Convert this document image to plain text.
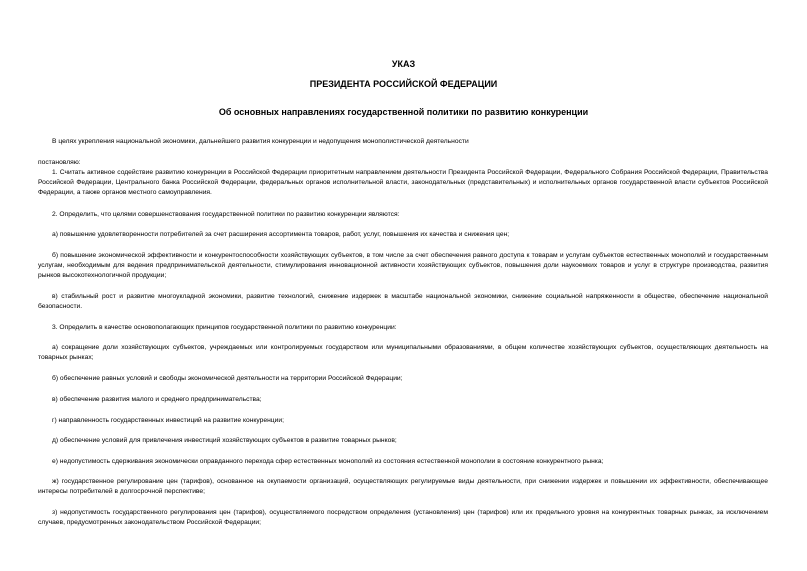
УКАЗ
ПРЕЗИДЕНТА РОССИЙСКОЙ ФЕДЕРАЦИИ
Об основных направлениях государственной политики по развитию конкуренции

В целях укрепления национальной экономики, дальнейшего развития конкуренции и недопущения монополистической деятельности

постановляю:

1. Считать активное содействие развитию конкуренции в Российской Федерации приоритетным направлением деятельности Президента Российской Федерации, Федерального Собрания Российской Федерации, Правительства Российской Федерации, Центрального банка Российской Федерации, федеральных органов исполнительной власти, законодательных (представительных) и исполнительных органов государственной власти субъектов Российской Федерации, а также органов местного самоуправления.

2. Определить, что целями совершенствования государственной политики по развитию конкуренции являются:

а) повышение удовлетворенности потребителей за счет расширения ассортимента товаров, работ, услуг, повышения их качества и снижения цен;

б) повышение экономической эффективности и конкурентоспособности хозяйствующих субъектов, в том числе за счет обеспечения равного доступа к товарам и услугам субъектов естественных монополий и государственным услугам, необходимым для ведения предпринимательской деятельности, стимулирования инновационной активности хозяйствующих субъектов, повышения доли наукоемких товаров и услуг в структуре производства, развития рынков высокотехнологичной продукции;

в) стабильный рост и развитие многоукладной экономики, развитие технологий, снижение издержек в масштабе национальной экономики, снижение социальной напряженности в обществе, обеспечение национальной безопасности.

3. Определить в качестве основополагающих принципов государственной политики по развитию конкуренции:

а) сокращение доли хозяйствующих субъектов, учреждаемых или контролируемых государством или муниципальными образованиями, в общем количестве хозяйствующих субъектов, осуществляющих деятельность на товарных рынках;

б) обеспечение равных условий и свободы экономической деятельности на территории Российской Федерации;

в) обеспечение развития малого и среднего предпринимательства;

г) направленность государственных инвестиций на развитие конкуренции;

д) обеспечение условий для привлечения инвестиций хозяйствующих субъектов в развитие товарных рынков;

е) недопустимость сдерживания экономически оправданного перехода сфер естественных монополий из состояния естественной монополии в состояние конкурентного рынка;

ж) государственное регулирование цен (тарифов), основанное на окупаемости организаций, осуществляющих регулируемые виды деятельности, при снижении издержек и повышении их эффективности, обеспечивающее интересы потребителей в долгосрочной перспективе;

з) недопустимость государственного регулирования цен (тарифов), осуществляемого посредством определения (установления) цен (тарифов) или их предельного уровня на конкурентных товарных рынках, за исключением случаев, предусмотренных законодательством Российской Федерации;
